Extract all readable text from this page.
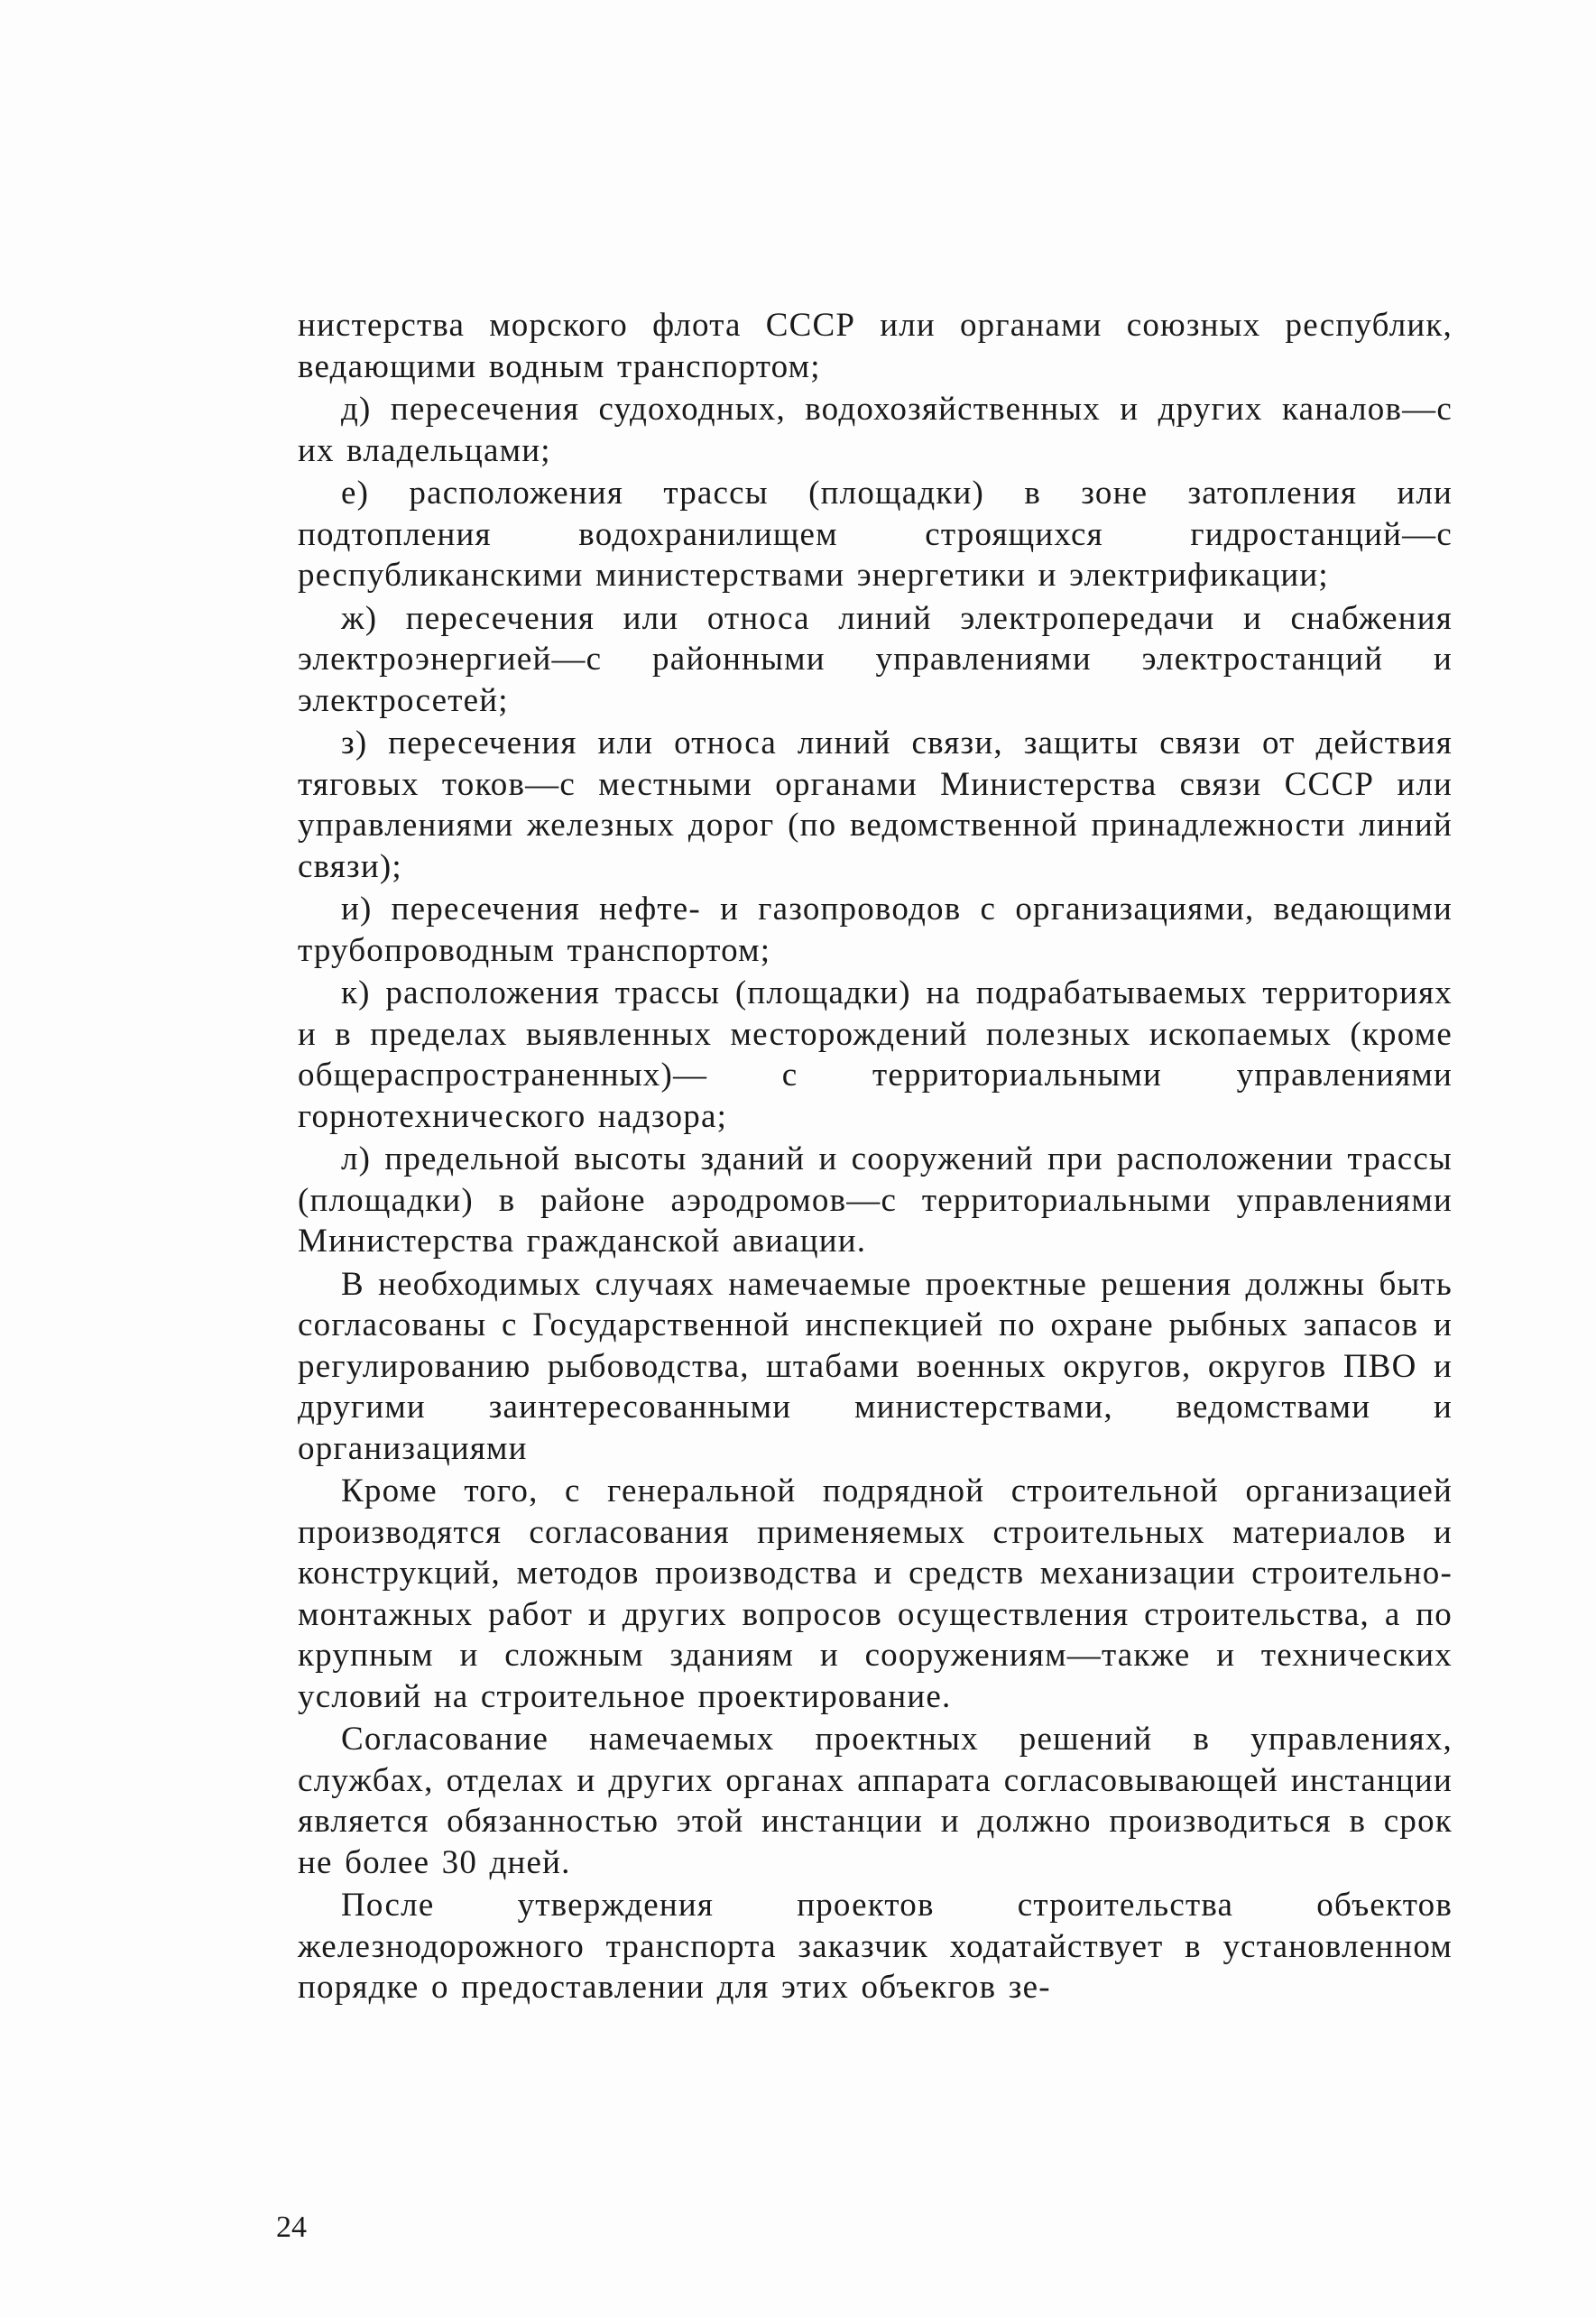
нистерства морского флота СССР или органами союзных республик, ведающими водным транспортом;

д) пересечения судоходных, водохозяйственных и других каналов—с их владельцами;

е) расположения трассы (площадки) в зоне затопления или подтопления водохранилищем строящихся гидростанций—с республиканскими министерствами энергетики и электрификации;

ж) пересечения или относа линий электропередачи и снабжения электроэнергией—с районными управлениями электростанций и электросетей;

з) пересечения или относа линий связи, защиты связи от действия тяговых токов—с местными органами Министерства связи СССР или управлениями железных дорог (по ведомственной принадлежности линий связи);

и) пересечения нефте- и газопроводов с организациями, ведающими трубопроводным транспортом;

к) расположения трассы (площадки) на подрабатываемых территориях и в пределах выявленных месторождений полезных ископаемых (кроме общераспространенных)— с территориальными управлениями горнотехнического надзора;

л) предельной высоты зданий и сооружений при расположении трассы (площадки) в районе аэродромов—с территориальными управлениями Министерства гражданской авиации.

В необходимых случаях намечаемые проектные решения должны быть согласованы с Государственной инспекцией по охране рыбных запасов и регулированию рыбоводства, штабами военных округов, округов ПВО и другими заинтересованными министерствами, ведомствами и организациями

Кроме того, с генеральной подрядной строительной организацией производятся согласования применяемых строительных материалов и конструкций, методов производства и средств механизации строительно-монтажных работ и других вопросов осуществления строительства, а по крупным и сложным зданиям и сооружениям—также и технических условий на строительное проектирование.

Согласование намечаемых проектных решений в управлениях, службах, отделах и других органах аппарата согласовывающей инстанции является обязанностью этой инстанции и должно производиться в срок не более 30 дней.

После утверждения проектов строительства объектов железнодорожного транспорта заказчик ходатайствует в установленном порядке о предоставлении для этих объекгов зе-

24
